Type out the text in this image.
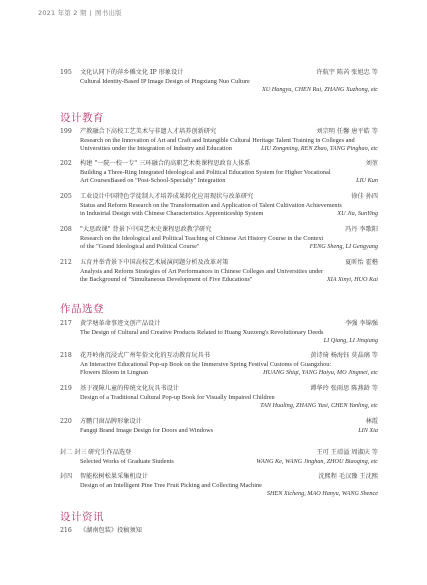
2021 年第 2 期 | 图书出版
195	文化认同下的萍乡傩文化 IP 形象设计	许航宇 陈芮 张旭忠 等
Cultural Identity-Based IP Image Design of Pingxiang Nuo Culture
XU Hangyu, CHEN Rui, ZHANG Xuzhong, etc
设计教育
199	产教融合下高校工艺美术与非遗人才培养创新研究	刘宗明 任馨 唐平皓 等
Research on the Innovation of Art and Craft and Intangible Cultural Heritage Talent Training in Colleges and
Universities under the Integration of Industry and Education	LIU Zongming, REN Zhao, TANG Pinghao, etc
202	构建 "一院一校一专" 三环融合的高职艺术类课程思政育人体系	刘堃
Building a Three-Ring Integrated Ideological and Political Education System for Higher Vocational
Art CoursesBased on "Post-School-Specialty" Integration	LIU Kun
205	工业设计中国特色学徒制人才培养成果转化应用现状与改革研究	徐佳 孙四
Status and Reform Research on the Transformation and Application of Talent Cultivation Achievements
in Industrial Design with Chinese Characteristics Apprenticeship System	XU Jia, SunYing
208	"大思政课" 背景下中国艺术史课程思政教学研究	冯丹 李歌阳
Research on the Ideological and Political Teaching of Chinese Art History Course in the Context
of the "Grand Ideological and Political Course"	FENG Sheng, LI Gengyang
212	五育并举背景下中国高校艺术展演问题分析及改革对策	夏昕怡 霍楷
Analysis and Reform Strategies of Art Performances in Chinese Colleges and Universities under
the Background of "Simultaneous Development of Five Educations"	XIA Xinyi, HUO Kai
作品选登
217	黄学塘革命事迹文创产品设计	李强 李锦强
The Design of Cultural and Creative Products Related to Huang Xuezeng's Revolutionary Deeds
LI Qiang, LI Jinqiang
218	花开岭南沉浸式广州年俗文化的互动教育玩具书	黄诗琦 杨海钰 莫晶璃 等
An Interactive Educational Pop-up Book on the Immersive Spring Festival Customs of Guangzhou:
Flowers Bloom in Lingnan	HUANG Shiqi, YANG Haiyu, MO Jingmei, etc
219	基于视障儿童的传统文化玩具书设计	谭华玲 张雨思 陈燕龄 等
Design of a Traditional Cultural Pop-up Book for Visually Impaired Children
TAN Hualing, ZHANG Yusi, CHEN Yanling, etc
220	方鹏门窗品牌形象设计	林霞
Fangqi Brand Image Design for Doors and Windows	LIN Xia
封二 封三 研究生作品选登	王可 王靖溢 周淑庆 等
Selected Works of Graduate Students	WANG Ke, WANG Jinghan, ZHOU Biaoqing, etc
封四	智能松树松果采集机设计	沈熙程 毛汉豫 王沈熙
Design of an Intelligent Pine Tree Fruit Picking and Collecting Machine
SHEN Xicheng, MAO Hanyu, WANG Shence
设计资讯
216	《湖南包装》投稿须知
